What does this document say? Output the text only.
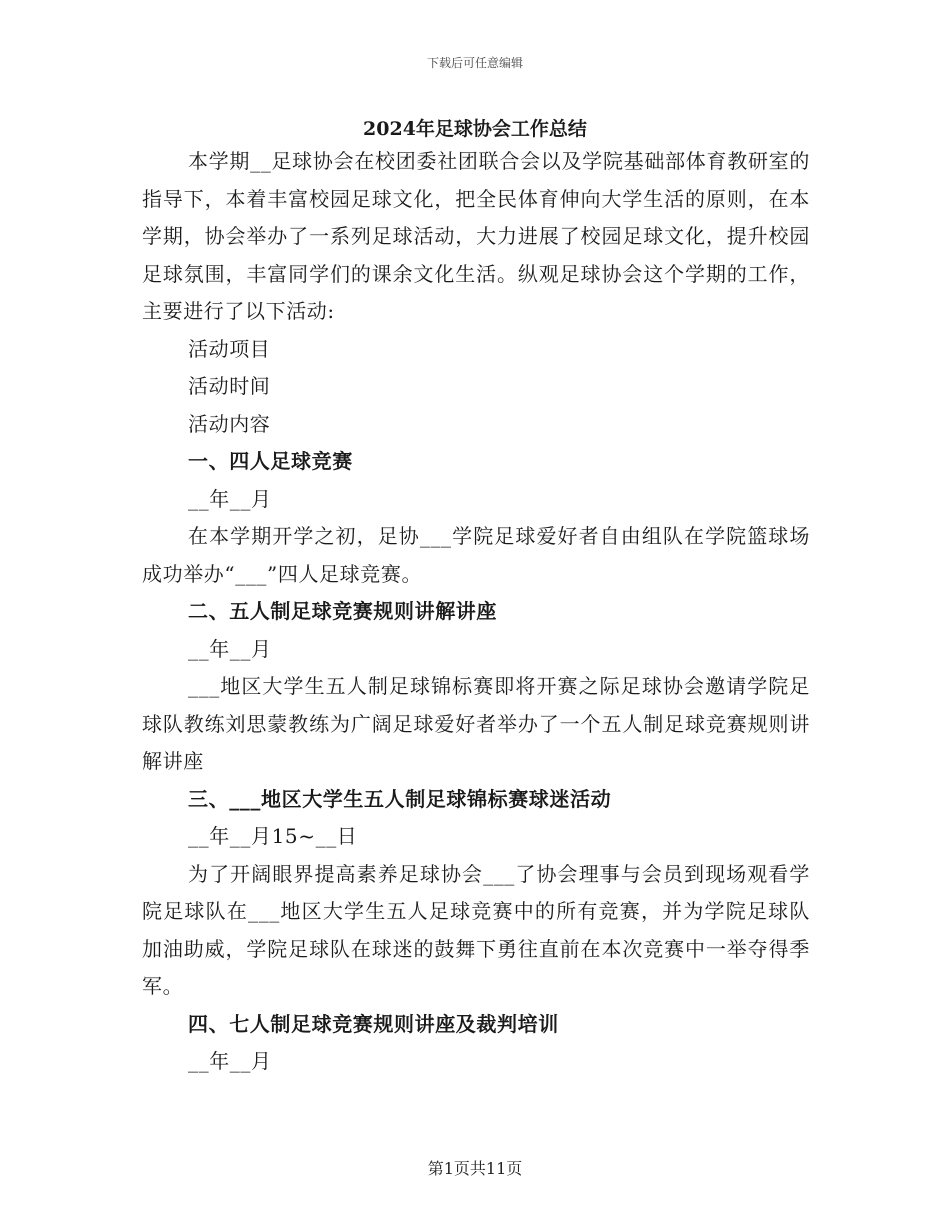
下载后可任意编辑
2024年足球协会工作总结

本学期__足球协会在校团委社团联合会以及学院基础部体育教研室的指导下，本着丰富校园足球文化，把全民体育伸向大学生活的原则，在本学期，协会举办了一系列足球活动，大力进展了校园足球文化，提升校园足球氛围，丰富同学们的课余文化生活。纵观足球协会这个学期的工作，主要进行了以下活动:

活动项目

活动时间

活动内容

一、四人足球竞赛

__年__月

在本学期开学之初，足协___学院足球爱好者自由组队在学院篮球场成功举办“___”四人足球竞赛。

二、五人制足球竞赛规则讲解讲座

__年__月

___地区大学生五人制足球锦标赛即将开赛之际足球协会邀请学院足球队教练刘思蒙教练为广阔足球爱好者举办了一个五人制足球竞赛规则讲解讲座

三、___地区大学生五人制足球锦标赛球迷活动

__年__月15~__日

为了开阔眼界提高素养足球协会___了协会理事与会员到现场观看学院足球队在___地区大学生五人足球竞赛中的所有竞赛，并为学院足球队加油助威，学院足球队在球迷的鼓舞下勇往直前在本次竞赛中一举夺得季军。

四、七人制足球竞赛规则讲座及裁判培训

__年__月

第1页共11页
